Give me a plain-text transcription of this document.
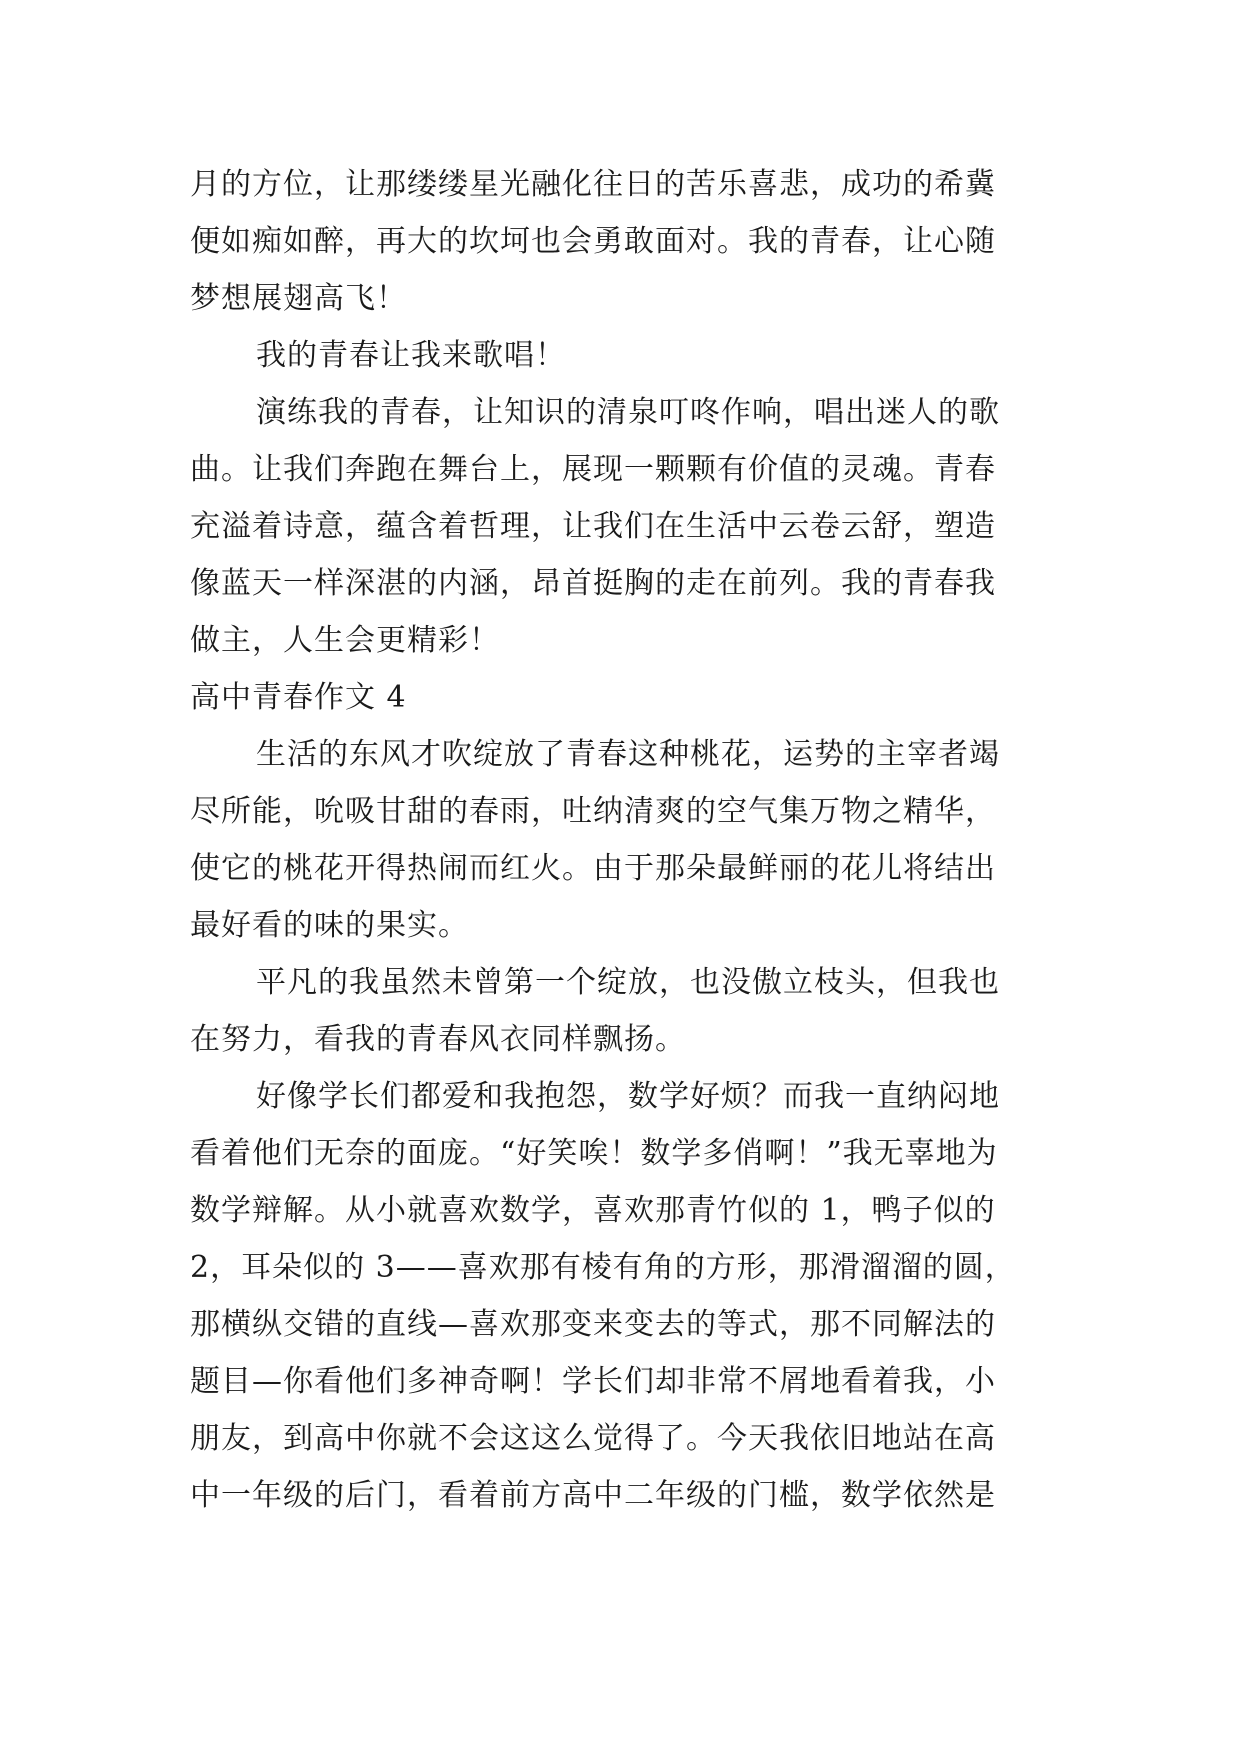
月的方位，让那缕缕星光融化往日的苦乐喜悲，成功的希冀
便如痴如醉，再大的坎坷也会勇敢面对。我的青春，让心随
梦想展翅高飞！
我的青春让我来歌唱！
演练我的青春，让知识的清泉叮咚作响，唱出迷人的歌
曲。让我们奔跑在舞台上，展现一颗颗有价值的灵魂。青春
充溢着诗意，蕴含着哲理，让我们在生活中云卷云舒，塑造
像蓝天一样深湛的内涵，昂首挺胸的走在前列。我的青春我
做主，人生会更精彩！
高中青春作文 4
生活的东风才吹绽放了青春这种桃花，运势的主宰者竭
尽所能，吮吸甘甜的春雨，吐纳清爽的空气集万物之精华，
使它的桃花开得热闹而红火。由于那朵最鲜丽的花儿将结出
最好看的味的果实。
平凡的我虽然未曾第一个绽放，也没傲立枝头，但我也
在努力，看我的青春风衣同样飘扬。
好像学长们都爱和我抱怨，数学好烦？而我一直纳闷地
看着他们无奈的面庞。“好笑唉！数学多俏啊！”我无辜地为
数学辩解。从小就喜欢数学，喜欢那青竹似的 1，鸭子似的
2，耳朵似的 3——喜欢那有棱有角的方形，那滑溜溜的圆，
那横纵交错的直线—喜欢那变来变去的等式，那不同解法的
题目—你看他们多神奇啊！学长们却非常不屑地看着我，小
朋友，到高中你就不会这这么觉得了。今天我依旧地站在高
中一年级的后门，看着前方高中二年级的门槛，数学依然是
